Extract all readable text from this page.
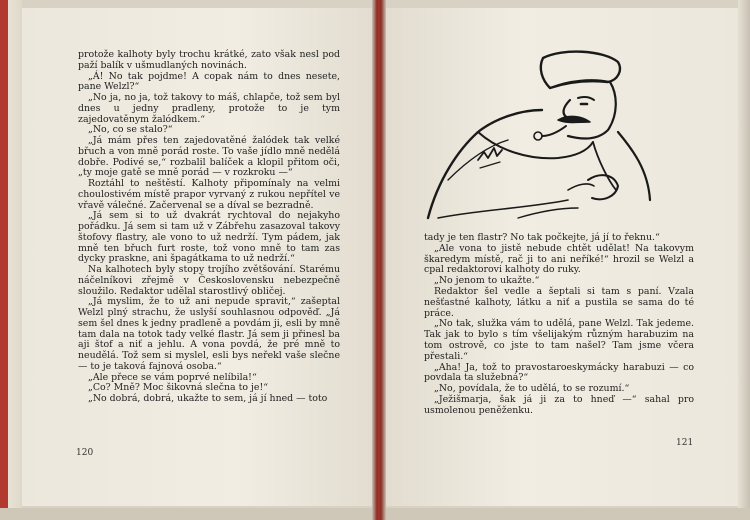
protože kalhoty byly trochu krátké, zato však nesl pod paží balík v ušmudlaných novinách.

„Á! No tak pojdme! A copak nám to dnes nesete, pane Welzl?“

„No ja, no ja, tož takovy to máš, chlapče, tož sem byl dnes u jedny pradleny, protože to je tym zajedovatěnym žalódkem.“

„No, co se stalo?“

„Já mám přes ten zajedovatěné žalódek tak velké břuch a von mně porád roste. To vaše jídlo mně nedělá dobře. Podivé se,“ rozbalil balíček a klopil přitom oči, „ty moje gatě se mně porád — v rozkroku —“

Roztáhl to neštěstí. Kalhoty připomínaly na velmi choulostivém místě prapor vyrvaný z rukou nepřítel ve vřavě válečné. Začervenal se a díval se bezradně.

„Já sem si to už dvakrát rychtoval do nejakyho pořádku. Já sem si tam už v Zábřehu zasazoval takovy štofovy flastry, ale vono to už nedrží. Tym pádem, jak mně ten břuch furt roste, tož vono mně to tam zas dycky praskne, ani špagátkama to už nedrží.“

Na kalhotech byly stopy trojího zvětšování. Starému náčelníkovi zřejmě v Československu nebezpečně sloužilo. Redaktor udělal starostlivý obličej.

„Já myslim, že to už ani nepude spravit,“ zašeptal Welzl plný strachu, že uslyší souhlasnou odpověď. „Já sem šel dnes k jedny pradleně a povdám ji, esli by mně tam dala na totok tady velké flastr. Já sem ji přinesl ba aji štof a niť a jehlu. A vona povdá, že pré mně to neudělá. Tož sem si myslel, esli bys neřekl vaše slečne — to je taková fajnová osoba.“

„Ale přece se vám poprvé nelíbila!“

„Co? Mně? Moc šikovná slečna to je!“

„No dobrá, dobrá, ukažte to sem, já jí hned — toto

120

tady je ten flastr? No tak počkejte, já jí to řeknu.“

„Ale vona to jistě nebude chtět udělat! Na takovym škaredym místě, rač ji to ani neříké!“ hrozil se Welzl a cpal redaktorovi kalhoty do ruky.

„No jenom to ukažte.“

Redaktor šel vedle a šeptali si tam s paní. Vzala nešťastné kalhoty, látku a niť a pustila se sama do té práce.

„No tak, služka vám to udělá, pane Welzl. Tak jedeme. Tak jak to bylo s tím všelijakým různým harabuzim na tom ostrově, co jste to tam našel? Tam jsme včera přestali.“

„Aha! Ja, tož to pravostaroeskymácky harabuzi — co povdala ta služebná?“

„No, povídala, že to udělá, to se rozumí.“

„Ježišmarja, šak já ji za to hneď —“ sahal pro usmolenou peněženku.

121
